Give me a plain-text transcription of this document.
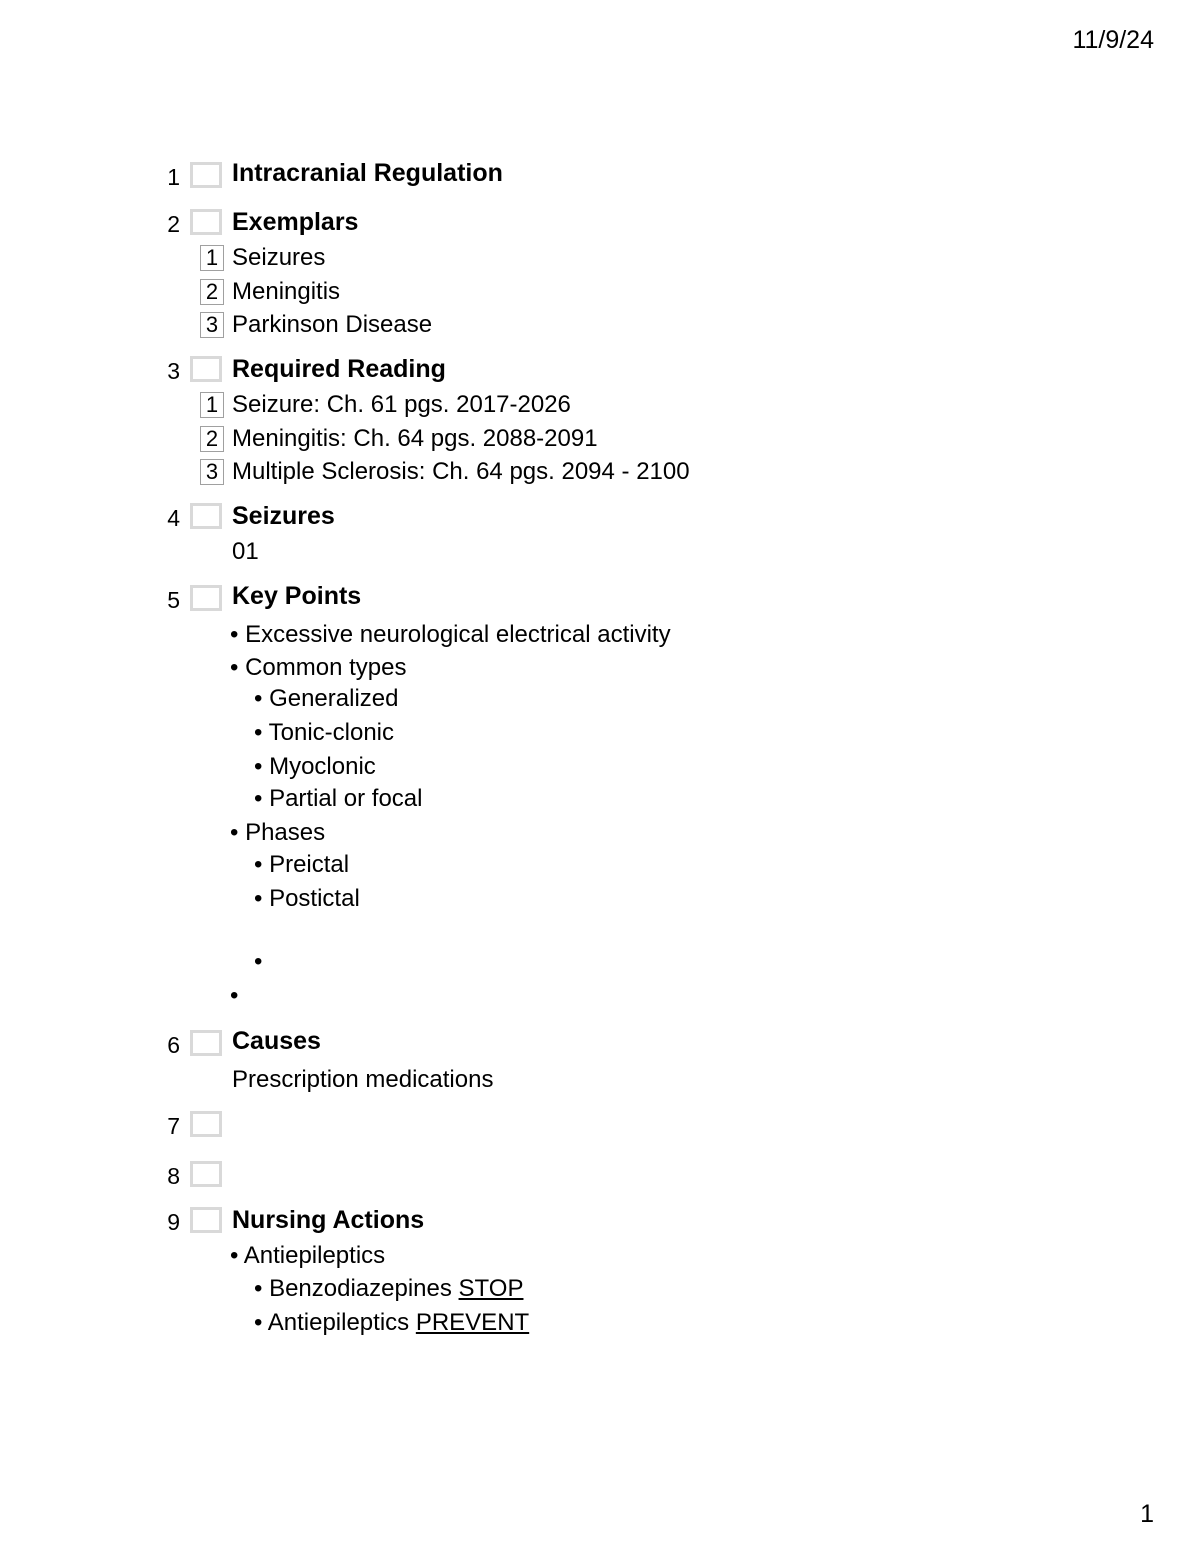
11/9/24
1
1 Intracranial Regulation
2 Exemplars
1 Seizures
2 Meningitis
3 Parkinson Disease
3 Required Reading
1 Seizure: Ch. 61 pgs. 2017-2026
2 Meningitis: Ch. 64 pgs. 2088-2091
3 Multiple Sclerosis: Ch. 64 pgs. 2094 - 2100
4 Seizures
01
5 Key Points
• Excessive neurological electrical activity
• Common types
• Generalized
• Tonic-clonic
• Myoclonic
• Partial or focal
• Phases
• Preictal
• Postictal
•
•
6 Causes
Prescription medications
7
8
9 Nursing Actions
• Antiepileptics
• Benzodiazepines STOP
• Antiepileptics PREVENT
